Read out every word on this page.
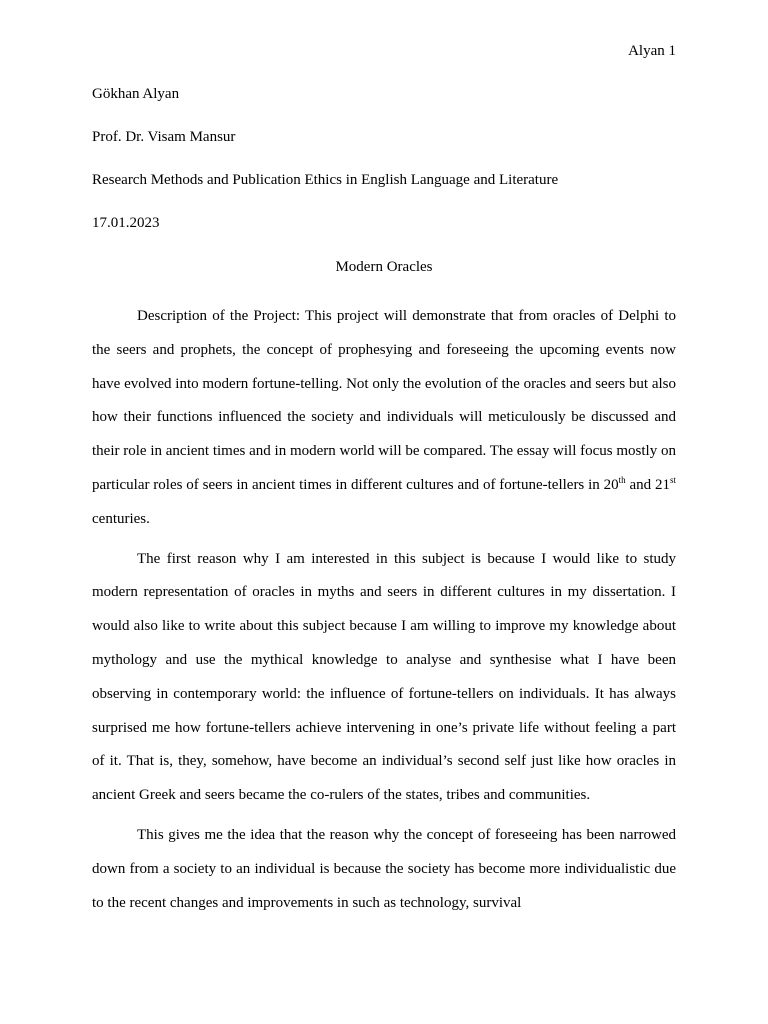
Alyan 1
Gökhan Alyan
Prof. Dr. Visam Mansur
Research Methods and Publication Ethics in English Language and Literature
17.01.2023
Modern Oracles

Description of the Project: This project will demonstrate that from oracles of Delphi to the seers and prophets, the concept of prophesying and foreseeing the upcoming events now have evolved into modern fortune-telling. Not only the evolution of the oracles and seers but also how their functions influenced the society and individuals will meticulously be discussed and their role in ancient times and in modern world will be compared. The essay will focus mostly on particular roles of seers in ancient times in different cultures and of fortune-tellers in 20th and 21st centuries.

The first reason why I am interested in this subject is because I would like to study modern representation of oracles in myths and seers in different cultures in my dissertation. I would also like to write about this subject because I am willing to improve my knowledge about mythology and use the mythical knowledge to analyse and synthesise what I have been observing in contemporary world: the influence of fortune-tellers on individuals. It has always surprised me how fortune-tellers achieve intervening in one’s private life without feeling a part of it. That is, they, somehow, have become an individual’s second self just like how oracles in ancient Greek and seers became the co-rulers of the states, tribes and communities.

This gives me the idea that the reason why the concept of foreseeing has been narrowed down from a society to an individual is because the society has become more individualistic due to the recent changes and improvements in such as technology, survival
